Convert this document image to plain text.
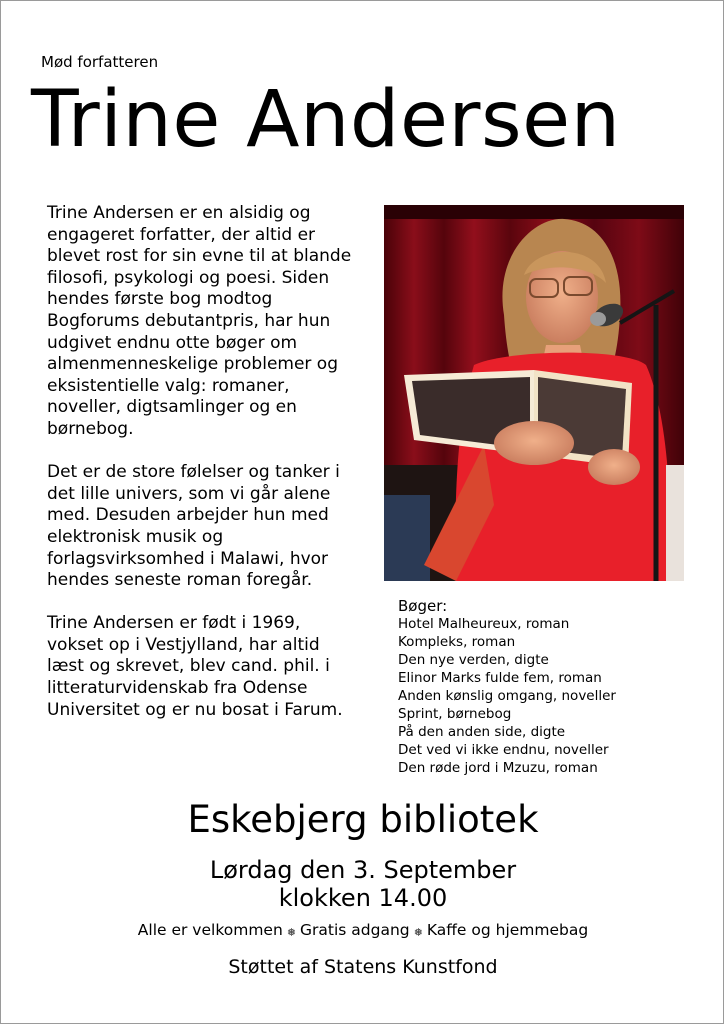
Mød forfatteren
Trine Andersen

Trine Andersen er en alsidig og engageret forfatter, der altid er blevet rost for sin evne til at blande filosofi, psykologi og poesi. Siden hendes første bog modtog Bogforums debutantpris, har hun udgivet endnu otte bøger om almenmenneskelige problemer og eksistentielle valg: romaner, noveller, digtsamlinger og en børnebog.

Det er de store følelser og tanker i det lille univers, som vi går alene med. Desuden arbejder hun med elektronisk musik og forlagsvirksomhed i Malawi, hvor hendes seneste roman foregår.

Trine Andersen er født i 1969, vokset op i Vestjylland, har altid læst og skrevet, blev cand. phil. i litteraturvidenskab fra Odense Universitet og er nu bosat i Farum.

Bøger:
Hotel Malheureux, roman
Kompleks, roman
Den nye verden, digte
Elinor Marks fulde fem, roman
Anden kønslig omgang, noveller
Sprint, børnebog
På den anden side, digte
Det ved vi ikke endnu, noveller
Den røde jord i Mzuzu, roman
Eskebjerg bibliotek
Lørdag den 3. September
klokken 14.00
Alle er velkommen ❅ Gratis adgang ❅ Kaffe og hjemmebag
Støttet af Statens Kunstfond
